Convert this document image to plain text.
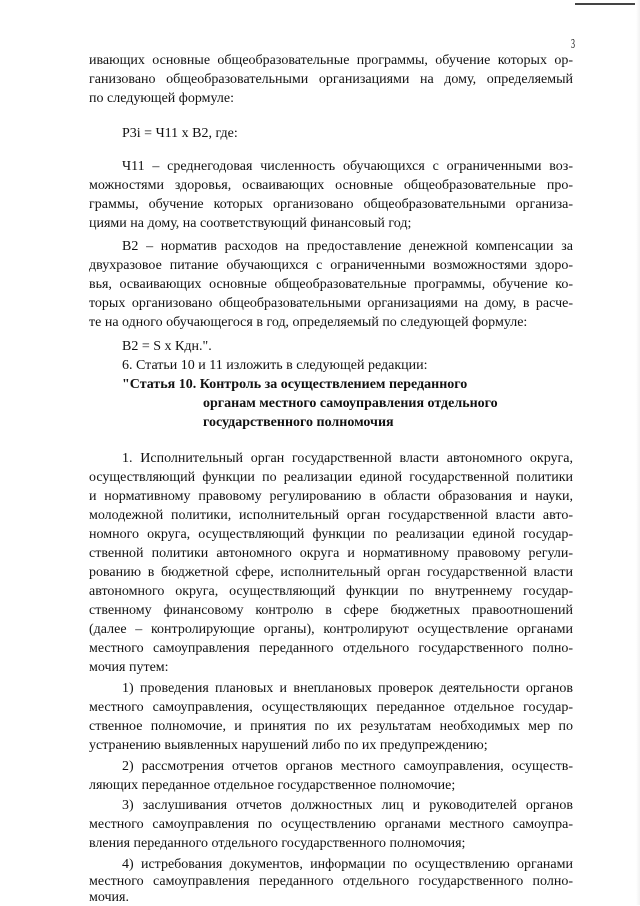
3
ивающих основные общеобразовательные программы, обучение которых ор-
ганизовано общеобразовательными организациями на дому, определяемый
по следующей формуле:
P3i = Ч11 x B2, где:
Ч11 – среднегодовая численность обучающихся с ограниченными воз-
можностями здоровья, осваивающих основные общеобразовательные про-
граммы, обучение которых организовано общеобразовательными организа-
циями на дому, на соответствующий финансовый год;
B2 – норматив расходов на предоставление денежной компенсации за
двухразовое питание обучающихся с ограниченными возможностями здоро-
вья, осваивающих основные общеобразовательные программы, обучение ко-
торых организовано общеобразовательными организациями на дому, в расче-
те на одного обучающегося в год, определяемый по следующей формуле:
B2 = S x Кдн.".
6. Статьи 10 и 11 изложить в следующей редакции:
"Статья 10. Контроль за осуществлением переданного
органам местного самоуправления отдельного
государственного полномочия
1. Исполнительный орган государственной власти автономного округа,
осуществляющий функции по реализации единой государственной политики
и нормативному правовому регулированию в области образования и науки,
молодежной политики, исполнительный орган государственной власти авто-
номного округа, осуществляющий функции по реализации единой государ-
ственной политики автономного округа и нормативному правовому регули-
рованию в бюджетной сфере, исполнительный орган государственной власти
автономного округа, осуществляющий функции по внутреннему государ-
ственному финансовому контролю в сфере бюджетных правоотношений
(далее – контролирующие органы), контролируют осуществление органами
местного самоуправления переданного отдельного государственного полно-
мочия путем:
1) проведения плановых и внеплановых проверок деятельности органов
местного самоуправления, осуществляющих переданное отдельное государ-
ственное полномочие, и принятия по их результатам необходимых мер по
устранению выявленных нарушений либо по их предупреждению;
2) рассмотрения отчетов органов местного самоуправления, осуществ-
ляющих переданное отдельное государственное полномочие;
3) заслушивания отчетов должностных лиц и руководителей органов
местного самоуправления по осуществлению органами местного самоупра-
вления переданного отдельного государственного полномочия;
4) истребования документов, информации по осуществлению органами
местного самоуправления переданного отдельного государственного полно-
мочия.
